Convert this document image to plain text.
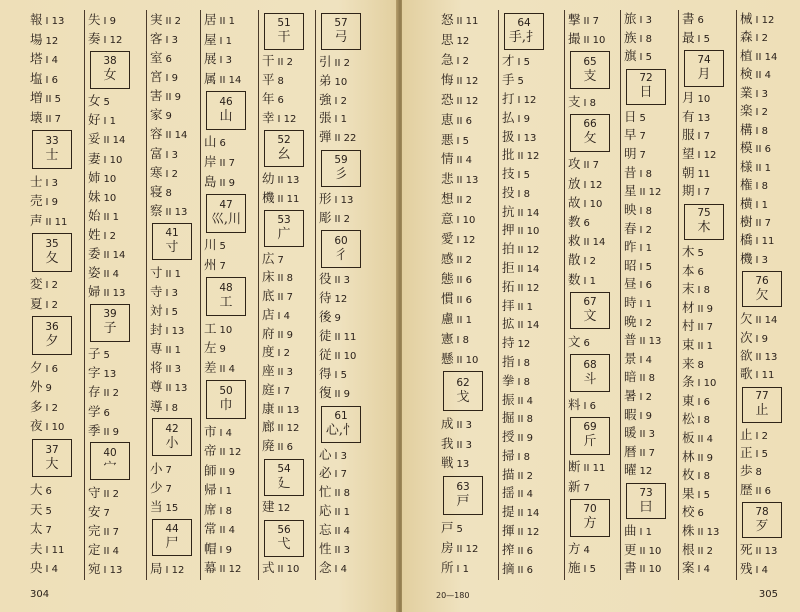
報 I 13
場 12
塔 I 4
塩 I 6
増 II 5
壊 II 7
33
士
士 I 3
売 I 9
声 II 11
35
夂
変 I 2
夏 I 2
36
夕
夕 I 6
外 9
多 I 2
夜 I 10
37
大
大 6
天 5
太 7
夫 I 11
央 I 4
失 I 9
奏 I 12
38
女
女 5
好 I 1
妥 II 14
妻 I 10
姉 10
妹 10
始 II 1
姓 I 2
委 II 14
姿 II 4
婦 II 13
39
子
子 5
字 13
存 II 2
学 6
季 II 9
40
宀
守 II 2
安 7
完 II 7
定 II 4
宛 I 13
実 II 2
客 I 3
室 6
宮 I 9
害 II 9
家 9
容 II 14
富 I 3
寒 I 2
寝 8
察 II 13
41
寸
寸 II 1
寺 I 3
対 I 5
封 I 13
専 II 1
将 II 3
尊 II 13
導 I 8
42
小
小 7
少 7
当 15
44
尸
局 I 12
居 II 1
屋 I 1
展 I 3
属 II 14
46
山
山 6
岸 II 7
島 II 9
47
巛,川
川 5
州 7
48
工
工 10
左 9
差 II 4
50
巾
市 I 4
帝 II 12
師 II 9
帰 I 1
席 I 8
常 II 4
帽 I 9
幕 II 12
51
干
干 II 2
平 8
年 6
幸 I 12
52
幺
幼 II 13
機 II 11
53
广
広 7
床 II 8
底 II 7
店 I 4
府 II 9
度 I 2
座 II 3
庭 I 7
康 II 13
廊 II 12
廃 II 6
54
廴
建 12
56
弋
式 II 10
57
弓
引 II 2
弟 10
強 I 2
張 I 1
弾 II 22
59
彡
形 I 13
彫 II 2
60
彳
役 II 3
待 12
後 9
徒 II 11
従 II 10
得 I 5
復 II 9
61
心,忄
心 I 3
必 I 7
忙 II 8
応 II 1
忘 II 4
性 II 3
念 I 4
304
怒 II 11
思 12
急 I 2
悔 II 12
恐 II 12
恵 II 6
悪 I 5
情 II 4
悲 II 13
想 II 2
意 I 10
愛 I 12
感 II 2
態 II 6
慣 II 6
慮 II 1
憲 I 8
懸 II 10
62
戈
成 II 3
我 II 3
戦 13
63
戸
戸 5
房 II 12
所 I 1
64
手,扌
才 I 5
手 5
打 I 12
払 I 9
扱 I 13
批 II 12
技 I 5
投 I 8
抗 II 14
押 II 10
拍 II 12
拒 II 14
拓 II 12
拝 II 1
拡 II 14
持 12
指 I 8
拳 I 8
振 II 4
掘 II 8
授 II 9
掃 I 8
描 II 2
揺 II 4
提 II 14
揮 II 12
搾 II 6
摘 II 6
撃 II 7
撮 II 10
65
支
支 I 8
66
攵
攻 II 7
放 I 12
故 I 10
教 6
救 II 14
散 I 2
数 I 1
67
文
文 6
68
斗
料 I 6
69
斤
断 II 11
新 7
70
方
方 4
施 I 5
旅 I 3
族 I 8
旗 I 5
72
日
日 5
早 7
明 7
昔 I 8
星 II 12
映 I 8
春 I 2
昨 I 1
昭 I 5
昼 I 6
時 I 1
晩 I 2
普 II 13
景 I 4
暗 II 8
暑 I 2
暇 I 9
暖 II 3
暦 II 7
曜 12
73
曰
曲 I 1
更 II 10
書 II 10
書 6
最 I 5
74
月
月 10
有 13
服 I 7
望 I 12
朝 11
期 I 7
75
木
木 5
本 6
末 I 8
材 II 9
村 II 7
束 II 1
来 8
条 I 10
東 I 6
松 I 8
板 II 4
林 II 9
枚 I 8
果 I 5
校 6
株 II 13
根 II 2
案 I 4
械 I 12
森 I 2
植 II 14
検 II 4
業 I 3
楽 I 2
構 I 8
模 II 6
様 II 1
権 I 8
横 I 1
樹 II 7
橋 I 11
機 I 3
76
欠
欠 II 14
次 I 9
欲 II 13
歌 I 11
77
止
止 I 2
正 I 5
歩 8
歴 II 6
78
歹
死 II 13
残 I 4
20—180	305
